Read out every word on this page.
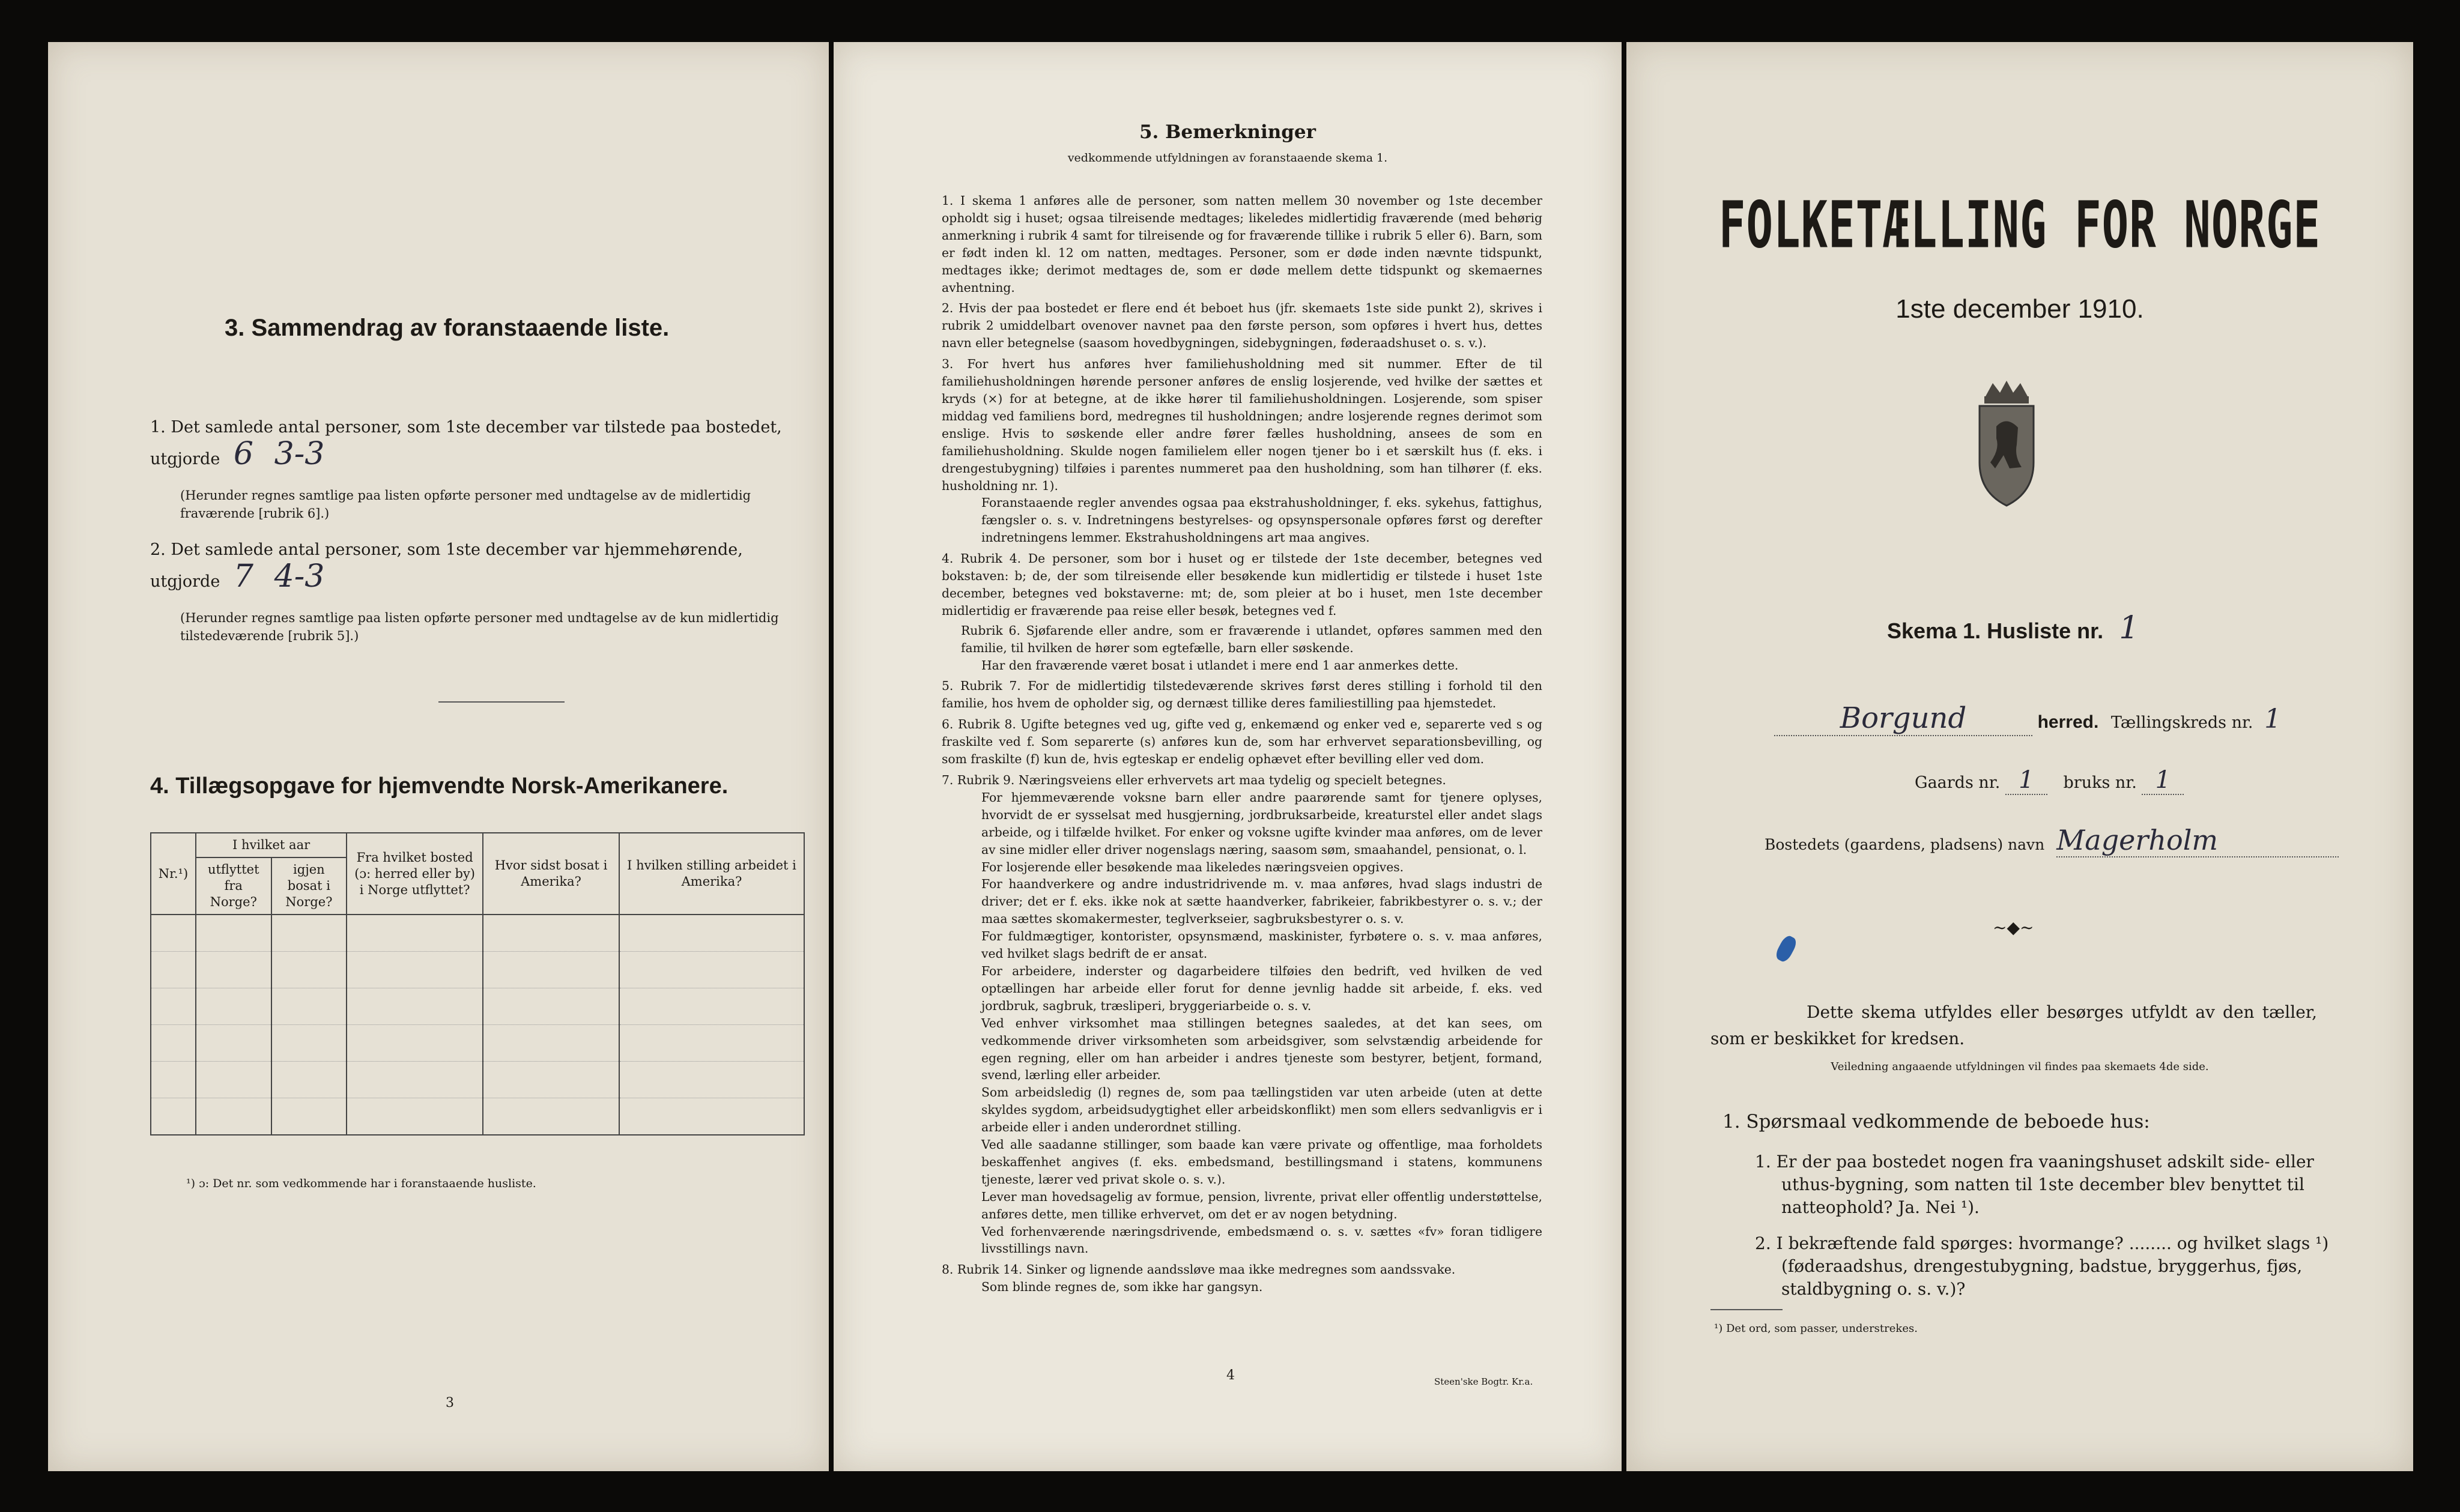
3. Sammendrag av foranstaaende liste.
1. Det samlede antal personer, som 1ste december var tilstede paa bostedet, utgjorde 6 3-3
(Herunder regnes samtlige paa listen opførte personer med undtagelse av de midlertidig fraværende [rubrik 6].)
2. Det samlede antal personer, som 1ste december var hjemmehørende, utgjorde 7 4-3
(Herunder regnes samtlige paa listen opførte personer med undtagelse av de kun midlertidig tilstedeværende [rubrik 5].)
4. Tillægsopgave for hjemvendte Norsk-Amerikanere.
Nr.¹)	I hvilket aar		Fra hvilket bosted (ɔ: herred eller by) i Norge utflyttet?	Hvor sidst bosat i Amerika?	I hvilken stilling arbeidet i Amerika?
	utflyttet fra Norge?	igjen bosat i Norge?			

¹) ɔ: Det nr. som vedkommende har i foranstaaende husliste.
3
5. Bemerkninger
vedkommende utfyldningen av foranstaaende skema 1.

1. I skema 1 anføres alle de personer, som natten mellem 30 november og 1ste december opholdt sig i huset; ogsaa tilreisende medtages; likeledes midlertidig fraværende (med behørig anmerkning i rubrik 4 samt for tilreisende og for fraværende tillike i rubrik 5 eller 6). Barn, som er født inden kl. 12 om natten, medtages. Personer, som er døde inden nævnte tidspunkt, medtages ikke; derimot medtages de, som er døde mellem dette tidspunkt og skemaernes avhentning.

2. Hvis der paa bostedet er flere end ét beboet hus (jfr. skemaets 1ste side punkt 2), skrives i rubrik 2 umiddelbart ovenover navnet paa den første person, som opføres i hvert hus, dettes navn eller betegnelse (saasom hovedbygningen, sidebygningen, føderaadshuset o. s. v.).

3. For hvert hus anføres hver familiehusholdning med sit nummer. Efter de til familiehusholdningen hørende personer anføres de enslig losjerende, ved hvilke der sættes et kryds (×) for at betegne, at de ikke hører til familiehusholdningen. Losjerende, som spiser middag ved familiens bord, medregnes til husholdningen; andre losjerende regnes derimot som enslige. Hvis to søskende eller andre fører fælles husholdning, ansees de som en familiehusholdning. Skulde nogen familielem eller nogen tjener bo i et særskilt hus (f. eks. i drengestubygning) tilføies i parentes nummeret paa den husholdning, som han tilhører (f. eks. husholdning nr. 1).

Foranstaaende regler anvendes ogsaa paa ekstrahusholdninger, f. eks. sykehus, fattighus, fængsler o. s. v. Indretningens bestyrelses- og opsynspersonale opføres først og derefter indretningens lemmer. Ekstrahusholdningens art maa angives.

4. Rubrik 4. De personer, som bor i huset og er tilstede der 1ste december, betegnes ved bokstaven: b; de, der som tilreisende eller besøkende kun midlertidig er tilstede i huset 1ste december, betegnes ved bokstaverne: mt; de, som pleier at bo i huset, men 1ste december midlertidig er fraværende paa reise eller besøk, betegnes ved f.

Rubrik 6. Sjøfarende eller andre, som er fraværende i utlandet, opføres sammen med den familie, til hvilken de hører som egtefælle, barn eller søskende.

Har den fraværende været bosat i utlandet i mere end 1 aar anmerkes dette.

5. Rubrik 7. For de midlertidig tilstedeværende skrives først deres stilling i forhold til den familie, hos hvem de opholder sig, og dernæst tillike deres familiestilling paa hjemstedet.

6. Rubrik 8. Ugifte betegnes ved ug, gifte ved g, enkemænd og enker ved e, separerte ved s og fraskilte ved f. Som separerte (s) anføres kun de, som har erhvervet separationsbevilling, og som fraskilte (f) kun de, hvis egteskap er endelig ophævet efter bevilling eller ved dom.

7. Rubrik 9. Næringsveiens eller erhvervets art maa tydelig og specielt betegnes.

For hjemmeværende voksne barn eller andre paarørende samt for tjenere oplyses, hvorvidt de er sysselsat med husgjerning, jordbruksarbeide, kreaturstel eller andet slags arbeide, og i tilfælde hvilket. For enker og voksne ugifte kvinder maa anføres, om de lever av sine midler eller driver nogenslags næring, saasom søm, smaahandel, pensionat, o. l.

For losjerende eller besøkende maa likeledes næringsveien opgives.

For haandverkere og andre industridrivende m. v. maa anføres, hvad slags industri de driver; det er f. eks. ikke nok at sætte haandverker, fabrikeier, fabrikbestyrer o. s. v.; der maa sættes skomakermester, teglverkseier, sagbruksbestyrer o. s. v.

For fuldmægtiger, kontorister, opsynsmænd, maskinister, fyrbøtere o. s. v. maa anføres, ved hvilket slags bedrift de er ansat.

For arbeidere, inderster og dagarbeidere tilføies den bedrift, ved hvilken de ved optællingen har arbeide eller forut for denne jevnlig hadde sit arbeide, f. eks. ved jordbruk, sagbruk, træsliperi, bryggeriarbeide o. s. v.

Ved enhver virksomhet maa stillingen betegnes saaledes, at det kan sees, om vedkommende driver virksomheten som arbeidsgiver, som selvstændig arbeidende for egen regning, eller om han arbeider i andres tjeneste som bestyrer, betjent, formand, svend, lærling eller arbeider.

Som arbeidsledig (l) regnes de, som paa tællingstiden var uten arbeide (uten at dette skyldes sygdom, arbeidsudygtighet eller arbeidskonflikt) men som ellers sedvanligvis er i arbeide eller i anden underordnet stilling.

Ved alle saadanne stillinger, som baade kan være private og offentlige, maa forholdets beskaffenhet angives (f. eks. embedsmand, bestillingsmand i statens, kommunens tjeneste, lærer ved privat skole o. s. v.).

Lever man hovedsagelig av formue, pension, livrente, privat eller offentlig understøttelse, anføres dette, men tillike erhvervet, om det er av nogen betydning.

Ved forhenværende næringsdrivende, embedsmænd o. s. v. sættes «fv» foran tidligere livsstillings navn.

8. Rubrik 14. Sinker og lignende aandssløve maa ikke medregnes som aandssvake.

Som blinde regnes de, som ikke har gangsyn.

4	Steen'ske Bogtr. Kr.a.
FOLKETÆLLING FOR NORGE
1ste december 1910.
Skema 1. Husliste nr. 1
Borgund	herred. Tællingskreds nr. 1
Gaards nr. 1 bruks nr. 1
Bostedets (gaardens, pladsens) navn Magerholm
~◆~
Dette skema utfyldes eller besørges utfyldt av den tæller, som er beskikket for kredsen.
Veiledning angaaende utfyldningen vil findes paa skemaets 4de side.
1. Spørsmaal vedkommende de beboede hus:
1. Er der paa bostedet nogen fra vaaningshuset adskilt side- eller uthus-bygning, som natten til 1ste december blev benyttet til natteophold? Ja. Nei ¹).
2. I bekræftende fald spørges: hvormange? ........ og hvilket slags ¹) (føderaadshus, drengestubygning, badstue, bryggerhus, fjøs, staldbygning o. s. v.)?
¹) Det ord, som passer, understrekes.
